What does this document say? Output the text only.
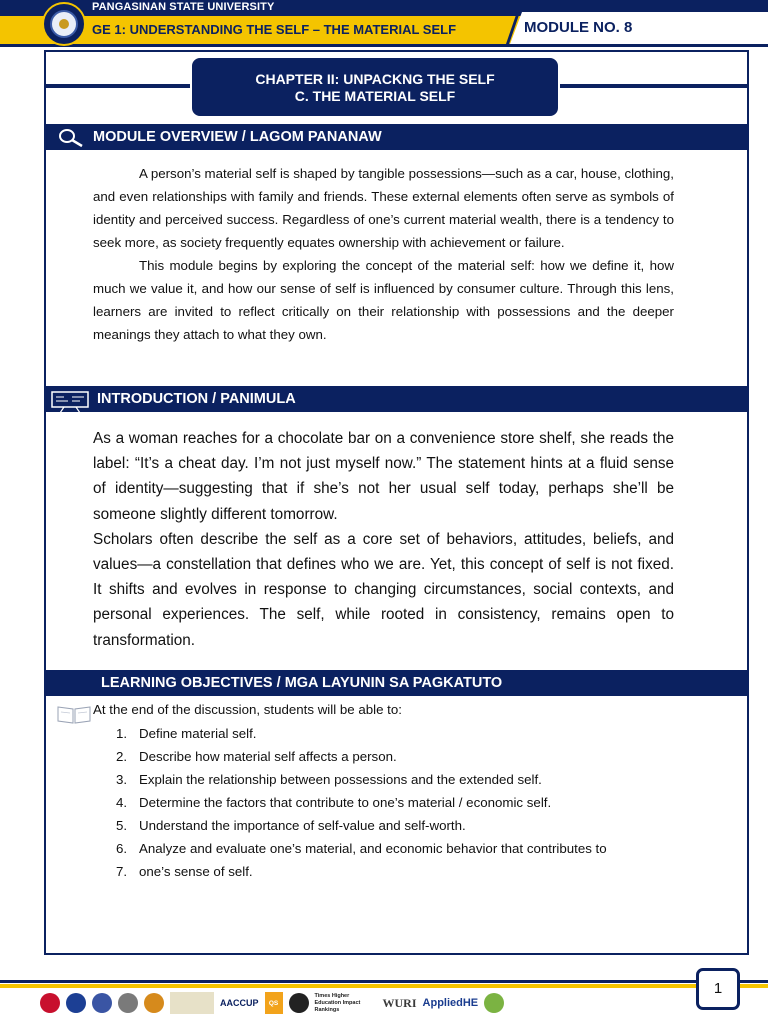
PANGASINAN STATE UNIVERSITY
GE 1: UNDERSTANDING THE SELF – THE MATERIAL SELF	MODULE NO. 8
CHAPTER II: UNPACKNG THE SELF
C. THE MATERIAL SELF
MODULE OVERVIEW / LAGOM PANANAW

A person’s material self is shaped by tangible possessions—such as a car, house, clothing, and even relationships with family and friends. These external elements often serve as symbols of identity and perceived success. Regardless of one’s current material wealth, there is a tendency to seek more, as society frequently equates ownership with achievement or failure.

This module begins by exploring the concept of the material self: how we define it, how much we value it, and how our sense of self is influenced by consumer culture. Through this lens, learners are invited to reflect critically on their relationship with possessions and the deeper meanings they attach to what they own.

INTRODUCTION / PANIMULA

As a woman reaches for a chocolate bar on a convenience store shelf, she reads the label: “It’s a cheat day. I’m not just myself now.” The statement hints at a fluid sense of identity—suggesting that if she’s not her usual self today, perhaps she’ll be someone slightly different tomorrow.

Scholars often describe the self as a core set of behaviors, attitudes, beliefs, and values—a constellation that defines who we are. Yet, this concept of self is not fixed. It shifts and evolves in response to changing circumstances, social contexts, and personal experiences. The self, while rooted in consistency, remains open to transformation.

LEARNING OBJECTIVES / MGA LAYUNIN SA PAGKATUTO
At the end of the discussion, students will be able to:
1. Define material self.
2. Describe how material self affects a person.
3. Explain the relationship between possessions and the extended self.
4. Determine the factors that contribute to one’s material / economic self.
5. Understand the importance of self-value and self-worth.
6. Analyze and evaluate one’s material, and economic behavior that contributes to
7. one’s sense of self.
AACCUP	QS
Times Higher Education Impact Rankings	WURI AppliedHE
1
